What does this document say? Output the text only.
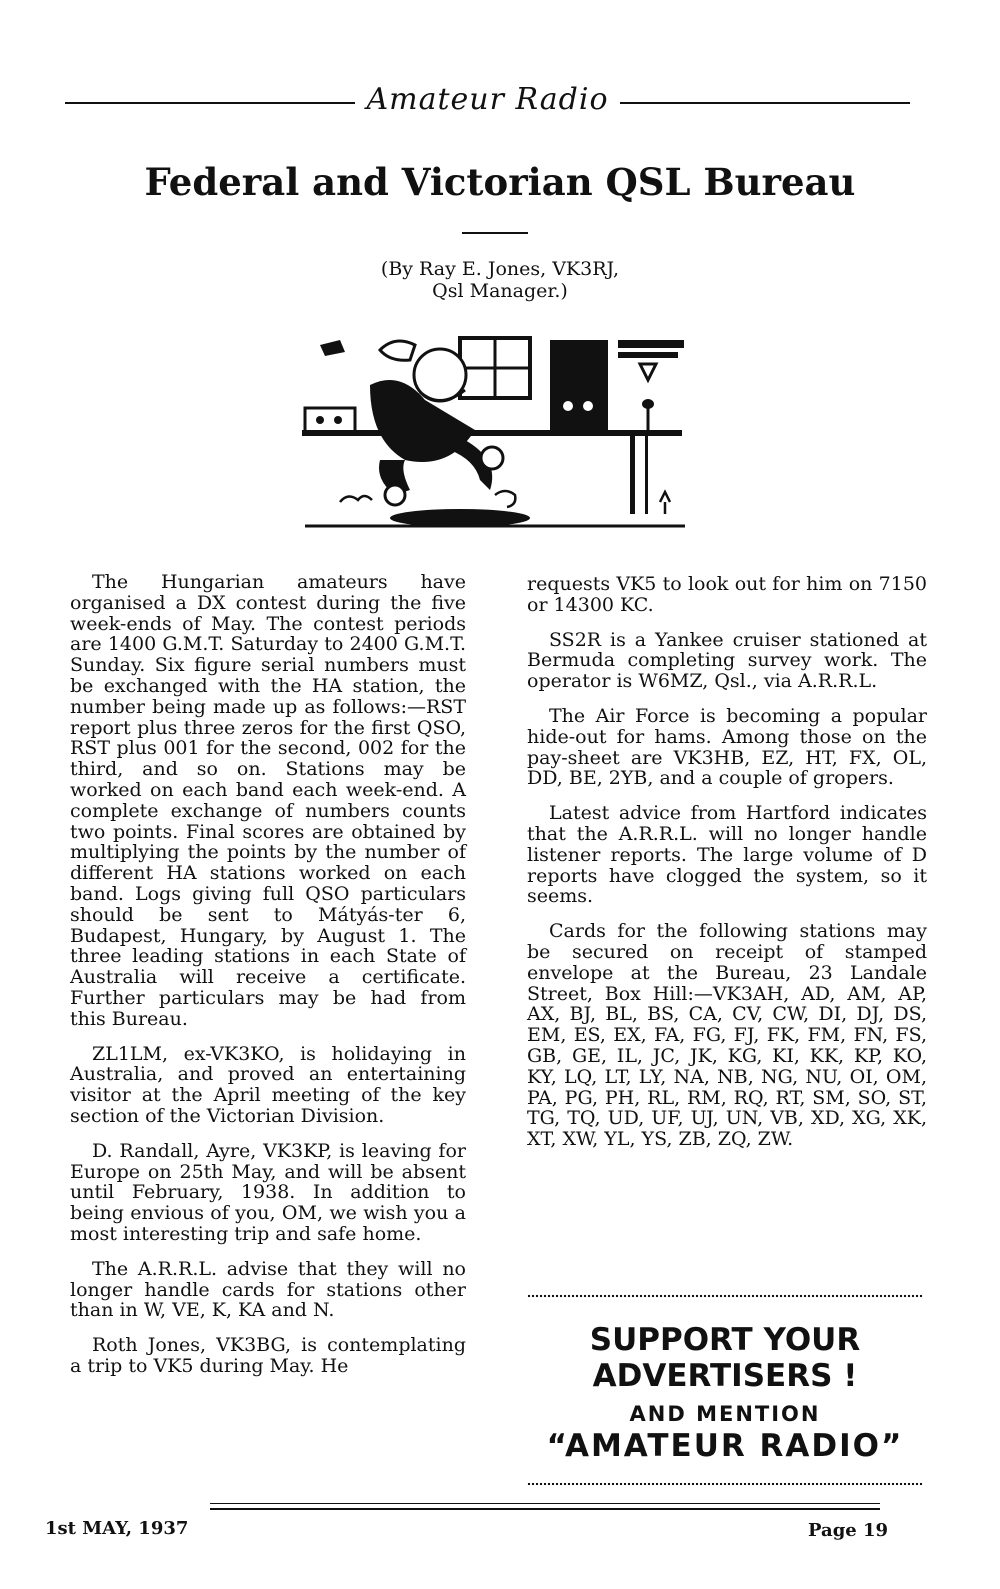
Amateur Radio
Federal and Victorian QSL Bureau
(By Ray E. Jones, VK3RJ,
Qsl Manager.)

The Hungarian amateurs have organised a DX contest during the five week-ends of May. The contest periods are 1400 G.M.T. Saturday to 2400 G.M.T. Sunday. Six figure serial numbers must be exchanged with the HA station, the number being made up as follows:—RST report plus three zeros for the first QSO, RST plus 001 for the second, 002 for the third, and so on. Stations may be worked on each band each week-end. A complete exchange of numbers counts two points. Final scores are obtained by multiplying the points by the number of different HA stations worked on each band. Logs giving full QSO particulars should be sent to Mátyás-ter 6, Budapest, Hungary, by August 1. The three leading stations in each State of Australia will receive a certificate. Further particulars may be had from this Bureau.

ZL1LM, ex-VK3KO, is holidaying in Australia, and proved an entertaining visitor at the April meeting of the key section of the Victorian Division.

D. Randall, Ayre, VK3KP, is leaving for Europe on 25th May, and will be absent until February, 1938. In addition to being envious of you, OM, we wish you a most interesting trip and safe home.

The A.R.R.L. advise that they will no longer handle cards for stations other than in W, VE, K, KA and N.

Roth Jones, VK3BG, is contemplating a trip to VK5 during May. He

requests VK5 to look out for him on 7150 or 14300 KC.

SS2R is a Yankee cruiser stationed at Bermuda completing survey work. The operator is W6MZ, Qsl., via A.R.R.L.

The Air Force is becoming a popular hide-out for hams. Among those on the pay-sheet are VK3HB, EZ, HT, FX, OL, DD, BE, 2YB, and a couple of gropers.

Latest advice from Hartford indicates that the A.R.R.L. will no longer handle listener reports. The large volume of D reports have clogged the system, so it seems.

Cards for the following stations may be secured on receipt of stamped envelope at the Bureau, 23 Landale Street, Box Hill:—VK3AH, AD, AM, AP, AX, BJ, BL, BS, CA, CV, CW, DI, DJ, DS, EM, ES, EX, FA, FG, FJ, FK, FM, FN, FS, GB, GE, IL, JC, JK, KG, KI, KK, KP, KO, KY, LQ, LT, LY, NA, NB, NG, NU, OI, OM, PA, PG, PH, RL, RM, RQ, RT, SM, SO, ST, TG, TQ, UD, UF, UJ, UN, VB, XD, XG, XK, XT, XW, YL, YS, ZB, ZQ, ZW.

SUPPORT YOUR
ADVERTISERS !
AND MENTION
“AMATEUR RADIO”
1st MAY, 1937	Page 19
